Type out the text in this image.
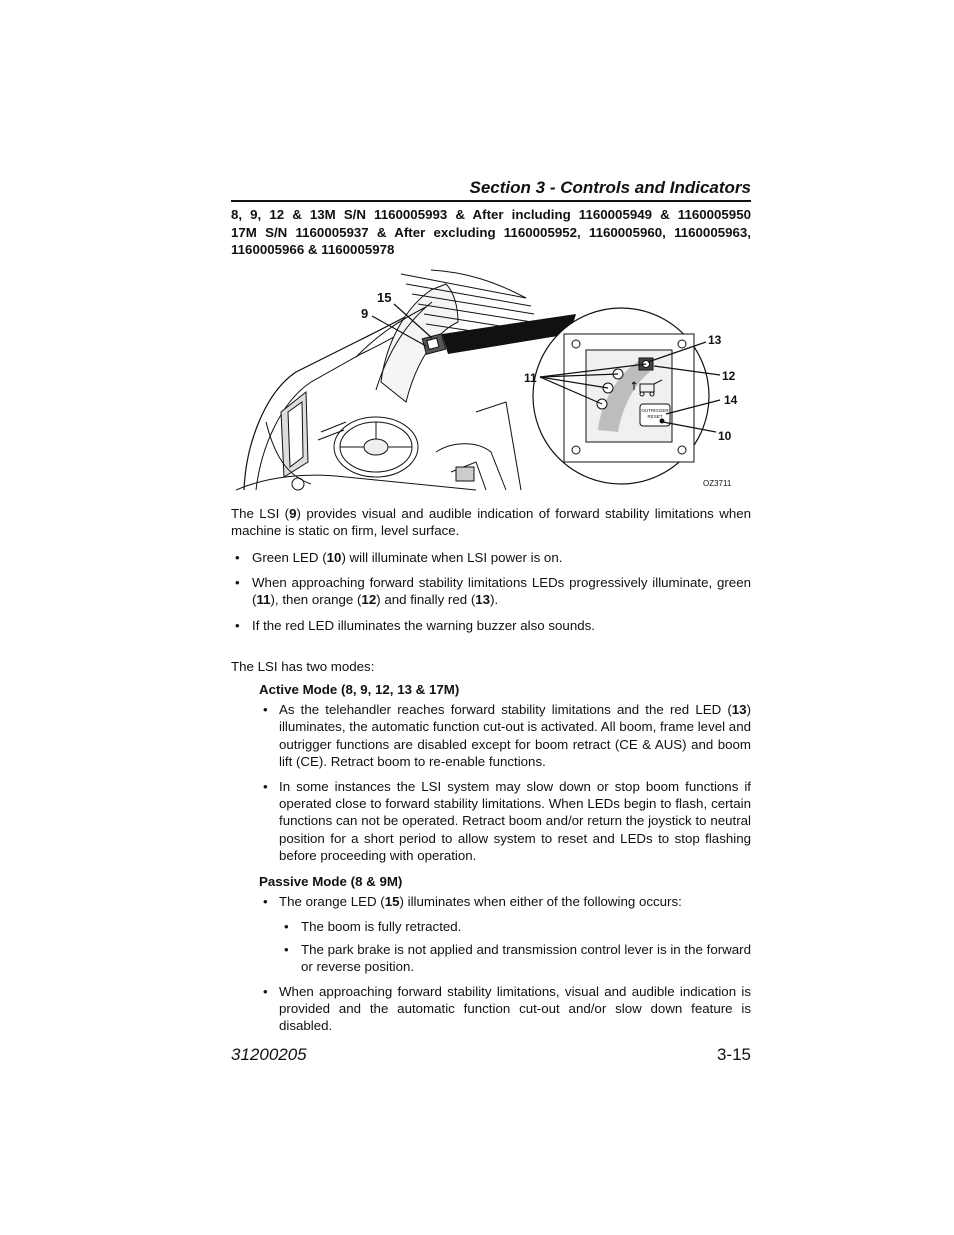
Section 3 - Controls and Indicators
8, 9, 12 & 13M S/N 1160005993 & After including 1160005949 & 1160005950
17M S/N 1160005937 & After excluding 1160005952, 1160005960, 1160005963,
1160005966 & 1160005978
OUTRIGGER
RESET
15
9
11
13
12
14
10
OZ3711
The LSI (9) provides visual and audible indication of forward stability limitations when machine is static on firm, level surface.
• Green LED (10) will illuminate when LSI power is on.
• When approaching forward stability limitations LEDs progressively illuminate, green (11), then orange (12) and finally red (13).
• If the red LED illuminates the warning buzzer also sounds.
The LSI has two modes:
Active Mode (8, 9, 12, 13 & 17M)
• As the telehandler reaches forward stability limitations and the red LED (13) illuminates, the automatic function cut-out is activated. All boom, frame level and outrigger functions are disabled except for boom retract (CE & AUS) and boom lift (CE). Retract boom to re-enable functions.
• In some instances the LSI system may slow down or stop boom functions if operated close to forward stability limitations. When LEDs begin to flash, certain functions can not be operated. Retract boom and/or return the joystick to neutral position for a short period to allow system to reset and LEDs to stop flashing before proceeding with operation.
Passive Mode (8 & 9M)
• The orange LED (15) illuminates when either of the following occurs:
• The boom is fully retracted.
• The park brake is not applied and transmission control lever is in the forward or reverse position.
• When approaching forward stability limitations, visual and audible indication is provided and the automatic function cut-out and/or slow down feature is disabled.
31200205	3-15
